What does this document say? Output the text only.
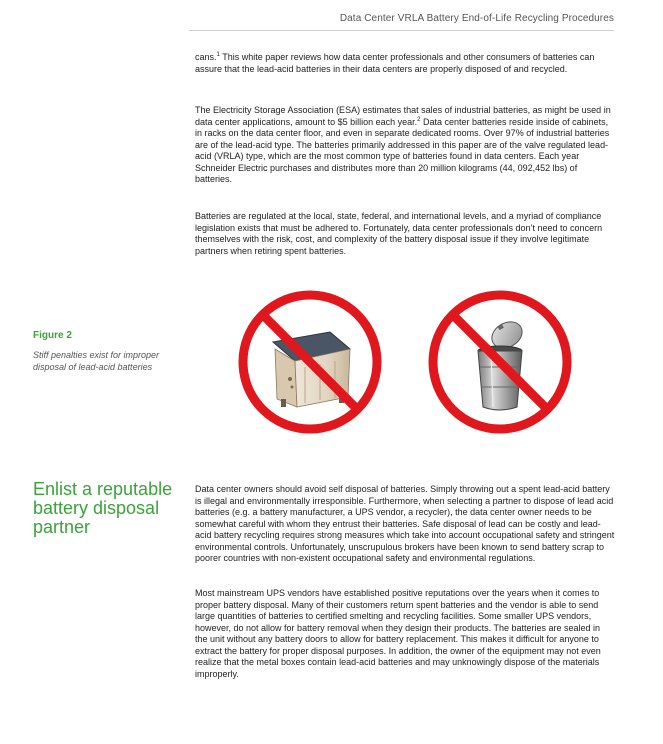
Data Center VRLA Battery End-of-Life Recycling Procedures

cans.$^1$ This white paper reviews how data center professionals and other consumers of batteries can assure that the lead-acid batteries in their data centers are properly disposed of and recycled.

The Electricity Storage Association (ESA) estimates that sales of industrial batteries, as might be used in data center applications, amount to $5 billion each year.$^2$ Data center batteries reside inside of cabinets, in racks on the data center floor, and even in separate dedicated rooms. Over 97% of industrial batteries are of the lead-acid type. The batteries primarily addressed in this paper are of the valve regulated lead-acid (VRLA) type, which are the most common type of batteries found in data centers. Each year Schneider Electric purchases and distributes more than 20 million kilograms (44, 092,452 lbs) of batteries.

Batteries are regulated at the local, state, federal, and international levels, and a myriad of compliance legislation exists that must be adhered to. Fortunately, data center professionals don’t need to concern themselves with the risk, cost, and complexity of the battery disposal issue if they involve legitimate partners when retiring spent batteries.

Figure 2
Stiff penalties exist for improper disposal of lead-acid batteries
Enlist a reputable battery disposal partner

Data center owners should avoid self disposal of batteries. Simply throwing out a spent lead-acid battery is illegal and environmentally irresponsible. Furthermore, when selecting a partner to dispose of lead acid batteries (e.g. a battery manufacturer, a UPS vendor, a recycler), the data center owner needs to be somewhat careful with whom they entrust their batteries. Safe disposal of lead can be costly and lead-acid battery recycling requires strong measures which take into account occupational safety and stringent environmental controls. Unfortunately, unscrupulous brokers have been known to send battery scrap to poorer countries with non-existent occupational safety and environmental regulations.

Most mainstream UPS vendors have established positive reputations over the years when it comes to proper battery disposal. Many of their customers return spent batteries and the vendor is able to send large quantities of batteries to certified smelting and recycling facilities. Some smaller UPS vendors, however, do not allow for battery removal when they design their products. The batteries are sealed in the unit without any battery doors to allow for battery replacement. This makes it difficult for anyone to extract the battery for proper disposal purposes. In addition, the owner of the equipment may not even realize that the metal boxes contain lead-acid batteries and may unknowingly dispose of the materials improperly.
